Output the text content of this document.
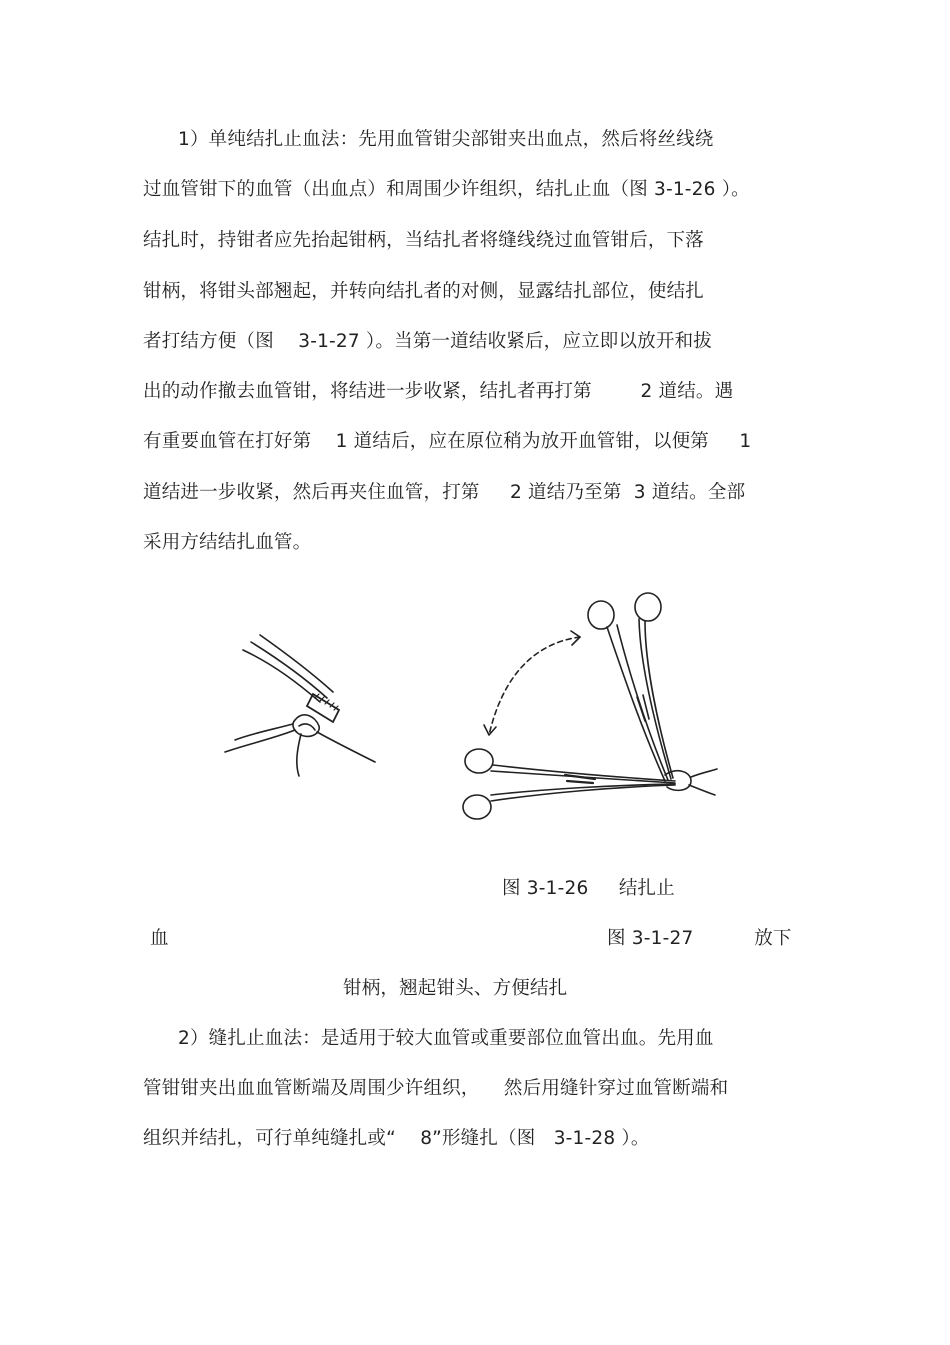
1）单纯结扎止血法：先用血管钳尖部钳夹出血点，然后将丝线绕
过血管钳下的血管（出血点）和周围少许组织，结扎止血（图 3-1-26 ）。
结扎时，持钳者应先抬起钳柄，当结扎者将缝线绕过血管钳后，下落
钳柄，将钳头部翘起，并转向结扎者的对侧，显露结扎部位，使结扎
者打结方便（图    3-1-27 ）。当第一道结收紧后，应立即以放开和拔
出的动作撤去血管钳，将结进一步收紧，结扎者再打第        2 道结。遇
有重要血管在打好第    1 道结后，应在原位稍为放开血管钳，以便第     1
道结进一步收紧，然后再夹住血管，打第     2 道结乃至第  3 道结。全部
采用方结结扎血管。
图 3-1-26     结扎止
血	图 3-1-27          放下
钳柄，翘起钳头、方便结扎
2）缝扎止血法：是适用于较大血管或重要部位血管出血。先用血
管钳钳夹出血血管断端及周围少许组织，    然后用缝针穿过血管断端和
组织并结扎，可行单纯缝扎或“    8”形缝扎（图   3-1-28 ）。
